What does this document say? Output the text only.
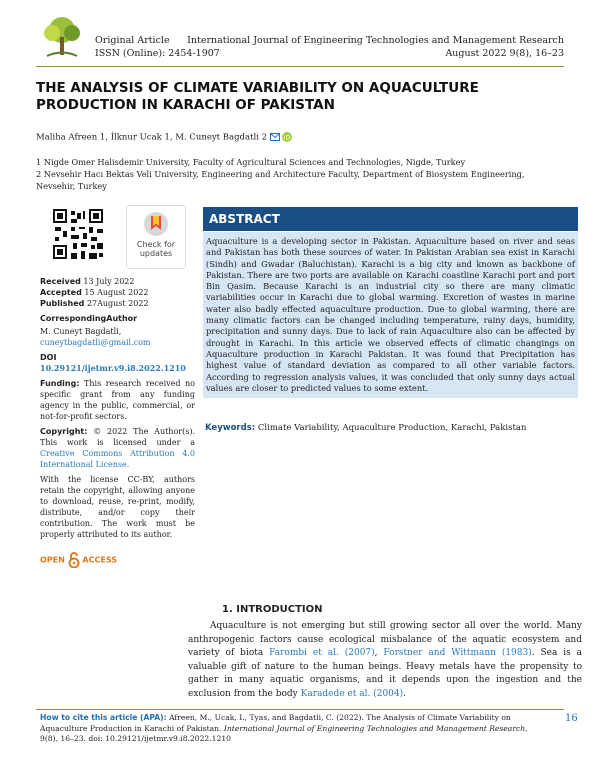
Original Article
ISSN (Online): 2454-1907
International Journal of Engineering Technologies and Management Research
August 2022 9(8), 16–23
THE ANALYSIS OF CLIMATE VARIABILITY ON AQUACULTURE PRODUCTION IN KARACHI OF PAKISTAN
Maliha Afreen 1, İlknur Ucak 1, M. Cuneyt Bagdatli 2	iD
1 Nigde Omer Halisdemir University, Faculty of Agricultural Sciences and Technologies, Nigde, Turkey
2 Nevsehir Hacı Bektas Veli University, Engineering and Architecture Faculty, Department of Biosystem Engineering, Nevsehir, Turkey
Check for
updates
Received 13 July 2022
Accepted 15 August 2022
Published 27August 2022
CorrespondingAuthor
M. Cuneyt Bagdatli,
cuneytbagdatli@gmail.com
DOI
10.29121/ijetmr.v9.i8.2022.1210
Funding: This research received no specific grant from any funding agency in the public, commercial, or not-for-profit sectors.
Copyright: © 2022 The Author(s). This work is licensed under a Creative Commons Attribution 4.0 International License.
With the license CC-BY, authors retain the copyright, allowing anyone to download, reuse, re-print, modify, distribute, and/or copy their contribution. The work must be properly attributed to its author.
OPEN ACCESS
ABSTRACT
Aquaculture is a developing sector in Pakistan. Aquaculture based on river and seas and Pakistan has both these sources of water. In Pakistan Arabian sea exist in Karachi (Sindh) and Gwadar (Baluchistan). Karachi is a big city and known as backbone of Pakistan. There are two ports are available on Karachi coastline Karachi port and port Bin Qasim. Because Karachi is an industrial city so there are many climatic variabilities occur in Karachi due to global warming. Excretion of wastes in marine water also badly effected aquaculture production. Due to global warming, there are many climatic factors can be changed including temperature, rainy days, humidity, precipitation and sunny days. Due to lack of rain Aquaculture also can be affected by drought in Karachi. In this article we observed effects of climatic changings on Aquaculture production in Karachi Pakistan. It was found that Precipitation has highest value of standard deviation as compared to all other variable factors. According to regression analysis values, it was concluded that only sunny days actual values are closer to predicted values to some extent.
Keywords: Climate Variability, Aquaculture Production, Karachi, Pakistan
1. INTRODUCTION
Aquaculture is not emerging but still growing sector all over the world. Many anthropogenic factors cause ecological misbalance of the aquatic ecosystem and variety of biota Farombi et al. (2007), Forstner and Wittmann (1983). Sea is a valuable gift of nature to the human beings. Heavy metals have the propensity to gather in many aquatic organisms, and it depends upon the ingestion and the exclusion from the body Karadede et al. (2004).
How to cite this article (APA): Afreen, M., Ucak, I., Tyas, and Bagdatli, C. (2022). The Analysis of Climate Variability on Aquaculture Production in Karachi of Pakistan. International Journal of Engineering Technologies and Management Research, 9(8), 16–23. doi: 10.29121/ijetmr.v9.i8.2022.1210
16
